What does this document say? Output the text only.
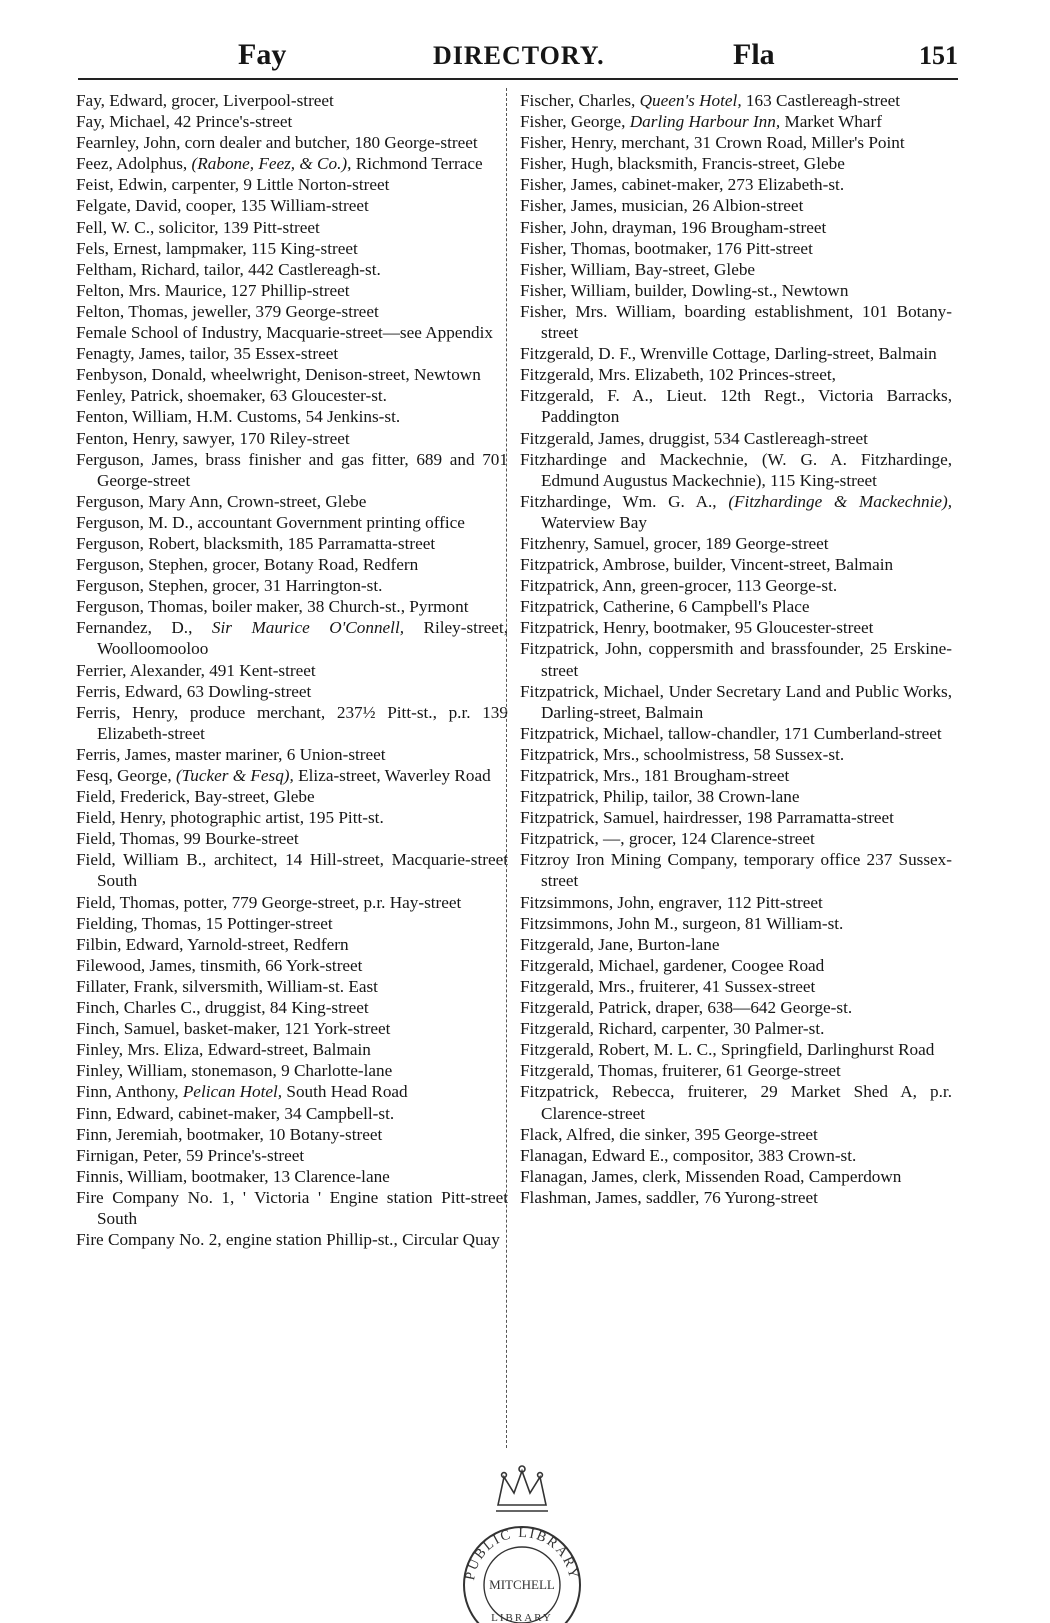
Fay	DIRECTORY.	Fla	151

Fay, Edward, grocer, Liverpool-street

Fay, Michael, 42 Prince's-street

Fearnley, John, corn dealer and butcher, 180 George-street

Feez, Adolphus, (Rabone, Feez, & Co.), Richmond Terrace

Feist, Edwin, carpenter, 9 Little Norton-street

Felgate, David, cooper, 135 William-street

Fell, W. C., solicitor, 139 Pitt-street

Fels, Ernest, lampmaker, 115 King-street

Feltham, Richard, tailor, 442 Castlereagh-st.

Felton, Mrs. Maurice, 127 Phillip-street

Felton, Thomas, jeweller, 379 George-street

Female School of Industry, Macquarie-street—see Appendix

Fenagty, James, tailor, 35 Essex-street

Fenbyson, Donald, wheelwright, Denison-street, Newtown

Fenley, Patrick, shoemaker, 63 Gloucester-st.

Fenton, William, H.M. Customs, 54 Jenkins-st.

Fenton, Henry, sawyer, 170 Riley-street

Ferguson, James, brass finisher and gas fitter, 689 and 701 George-street

Ferguson, Mary Ann, Crown-street, Glebe

Ferguson, M. D., accountant Government printing office

Ferguson, Robert, blacksmith, 185 Parramatta-street

Ferguson, Stephen, grocer, Botany Road, Redfern

Ferguson, Stephen, grocer, 31 Harrington-st.

Ferguson, Thomas, boiler maker, 38 Church-st., Pyrmont

Fernandez, D., Sir Maurice O'Connell, Riley-street, Woolloomooloo

Ferrier, Alexander, 491 Kent-street

Ferris, Edward, 63 Dowling-street

Ferris, Henry, produce merchant, 237½ Pitt-st., p.r. 139 Elizabeth-street

Ferris, James, master mariner, 6 Union-street

Fesq, George, (Tucker & Fesq), Eliza-street, Waverley Road

Field, Frederick, Bay-street, Glebe

Field, Henry, photographic artist, 195 Pitt-st.

Field, Thomas, 99 Bourke-street

Field, William B., architect, 14 Hill-street, Macquarie-street South

Field, Thomas, potter, 779 George-street, p.r. Hay-street

Fielding, Thomas, 15 Pottinger-street

Filbin, Edward, Yarnold-street, Redfern

Filewood, James, tinsmith, 66 York-street

Fillater, Frank, silversmith, William-st. East

Finch, Charles C., druggist, 84 King-street

Finch, Samuel, basket-maker, 121 York-street

Finley, Mrs. Eliza, Edward-street, Balmain

Finley, William, stonemason, 9 Charlotte-lane

Finn, Anthony, Pelican Hotel, South Head Road

Finn, Edward, cabinet-maker, 34 Campbell-st.

Finn, Jeremiah, bootmaker, 10 Botany-street

Firnigan, Peter, 59 Prince's-street

Finnis, William, bootmaker, 13 Clarence-lane

Fire Company No. 1, ' Victoria ' Engine station Pitt-street South

Fire Company No. 2, engine station Phillip-st., Circular Quay

Fischer, Charles, Queen's Hotel, 163 Castlereagh-street

Fisher, George, Darling Harbour Inn, Market Wharf

Fisher, Henry, merchant, 31 Crown Road, Miller's Point

Fisher, Hugh, blacksmith, Francis-street, Glebe

Fisher, James, cabinet-maker, 273 Elizabeth-st.

Fisher, James, musician, 26 Albion-street

Fisher, John, drayman, 196 Brougham-street

Fisher, Thomas, bootmaker, 176 Pitt-street

Fisher, William, Bay-street, Glebe

Fisher, William, builder, Dowling-st., Newtown

Fisher, Mrs. William, boarding establishment, 101 Botany-street

Fitzgerald, D. F., Wrenville Cottage, Darling-street, Balmain

Fitzgerald, Mrs. Elizabeth, 102 Princes-street,

Fitzgerald, F. A., Lieut. 12th Regt., Victoria Barracks, Paddington

Fitzgerald, James, druggist, 534 Castlereagh-street

Fitzhardinge and Mackechnie, (W. G. A. Fitzhardinge, Edmund Augustus Mackechnie), 115 King-street

Fitzhardinge, Wm. G. A., (Fitzhardinge & Mackechnie), Waterview Bay

Fitzhenry, Samuel, grocer, 189 George-street

Fitzpatrick, Ambrose, builder, Vincent-street, Balmain

Fitzpatrick, Ann, green-grocer, 113 George-st.

Fitzpatrick, Catherine, 6 Campbell's Place

Fitzpatrick, Henry, bootmaker, 95 Gloucester-street

Fitzpatrick, John, coppersmith and brassfounder, 25 Erskine-street

Fitzpatrick, Michael, Under Secretary Land and Public Works, Darling-street, Balmain

Fitzpatrick, Michael, tallow-chandler, 171 Cumberland-street

Fitzpatrick, Mrs., schoolmistress, 58 Sussex-st.

Fitzpatrick, Mrs., 181 Brougham-street

Fitzpatrick, Philip, tailor, 38 Crown-lane

Fitzpatrick, Samuel, hairdresser, 198 Parramatta-street

Fitzpatrick, —, grocer, 124 Clarence-street

Fitzroy Iron Mining Company, temporary office 237 Sussex-street

Fitzsimmons, John, engraver, 112 Pitt-street

Fitzsimmons, John M., surgeon, 81 William-st.

Fitzgerald, Jane, Burton-lane

Fitzgerald, Michael, gardener, Coogee Road

Fitzgerald, Mrs., fruiterer, 41 Sussex-street

Fitzgerald, Patrick, draper, 638—642 George-st.

Fitzgerald, Richard, carpenter, 30 Palmer-st.

Fitzgerald, Robert, M. L. C., Springfield, Darlinghurst Road

Fitzgerald, Thomas, fruiterer, 61 George-street

Fitzpatrick, Rebecca, fruiterer, 29 Market Shed A, p.r. Clarence-street

Flack, Alfred, die sinker, 395 George-street

Flanagan, Edward E., compositor, 383 Crown-st.

Flanagan, James, clerk, Missenden Road, Camperdown

Flashman, James, saddler, 76 Yurong-street

PUBLIC LIBRARY
MITCHELL
LIBRARY
